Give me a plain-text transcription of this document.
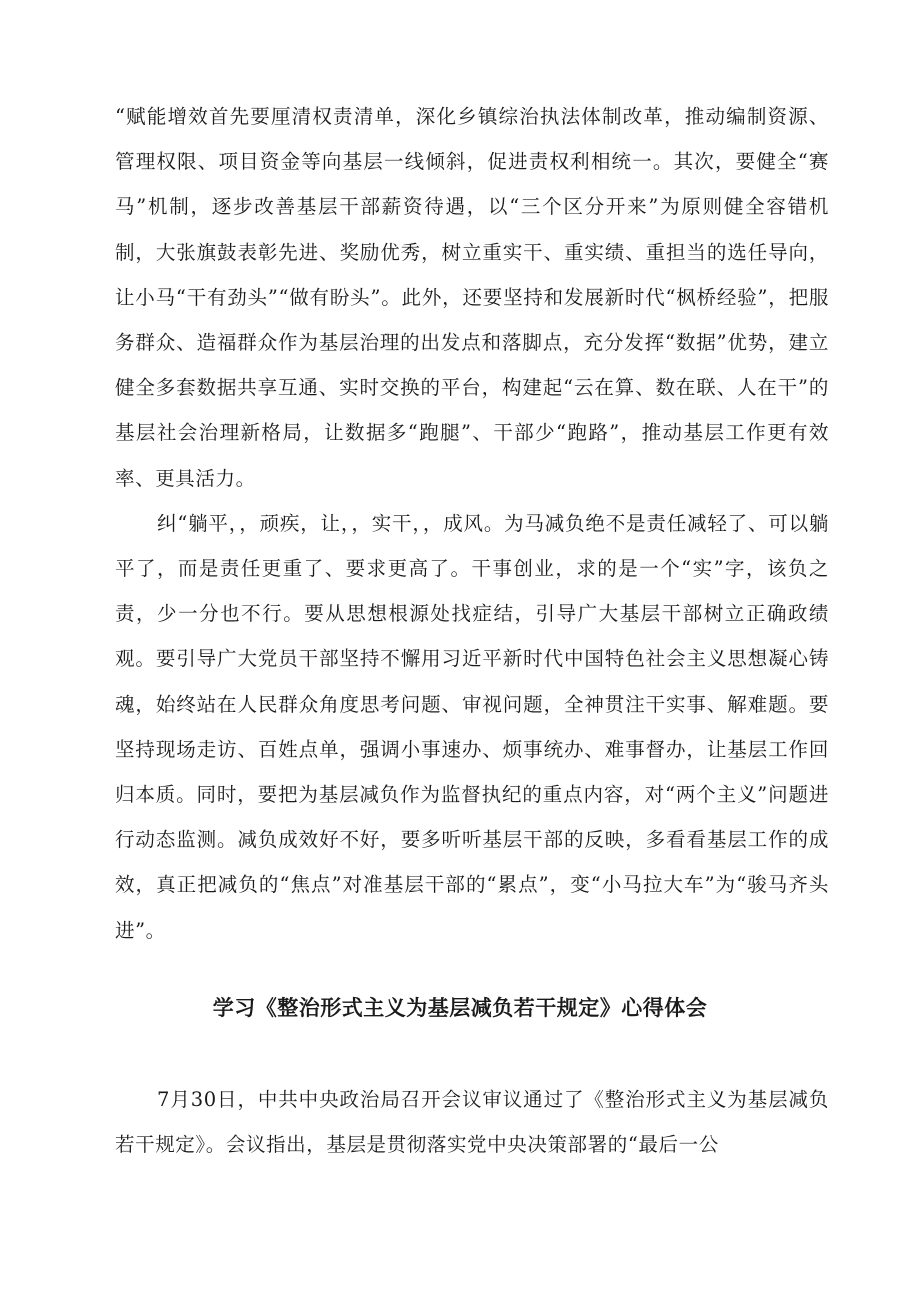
“赋能增效首先要厘清权责清单，深化乡镇综治执法体制改革，推动编制资源、管理权限、项目资金等向基层一线倾斜，促进责权利相统一。其次，要健全“赛马”机制，逐步改善基层干部薪资待遇，以“三个区分开来”为原则健全容错机制，大张旗鼓表彰先进、奖励优秀，树立重实干、重实绩、重担当的选任导向，让小马“干有劲头”“做有盼头”。此外，还要坚持和发展新时代“枫桥经验”，把服务群众、造福群众作为基层治理的出发点和落脚点，充分发挥“数据”优势，建立健全多套数据共享互通、实时交换的平台，构建起“云在算、数在联、人在干”的基层社会治理新格局，让数据多“跑腿”、干部少“跑路”，推动基层工作更有效率、更具活力。

纠“躺平，，顽疾，让，，实干，，成风。为马减负绝不是责任减轻了、可以躺平了，而是责任更重了、要求更高了。干事创业，求的是一个“实”字，该负之责，少一分也不行。要从思想根源处找症结，引导广大基层干部树立正确政绩观。要引导广大党员干部坚持不懈用习近平新时代中国特色社会主义思想凝心铸魂，始终站在人民群众角度思考问题、审视问题，全神贯注干实事、解难题。要坚持现场走访、百姓点单，强调小事速办、烦事统办、难事督办，让基层工作回归本质。同时，要把为基层减负作为监督执纪的重点内容，对“两个主义”问题进行动态监测。减负成效好不好，要多听听基层干部的反映，多看看基层工作的成效，真正把减负的“焦点”对准基层干部的“累点”，变“小马拉大车”为“骏马齐头进”。

学习《整治形式主义为基层减负若干规定》心得体会

7月30日，中共中央政治局召开会议审议通过了《整治形式主义为基层减负若干规定》。会议指出，基层是贯彻落实党中央决策部署的“最后一公
